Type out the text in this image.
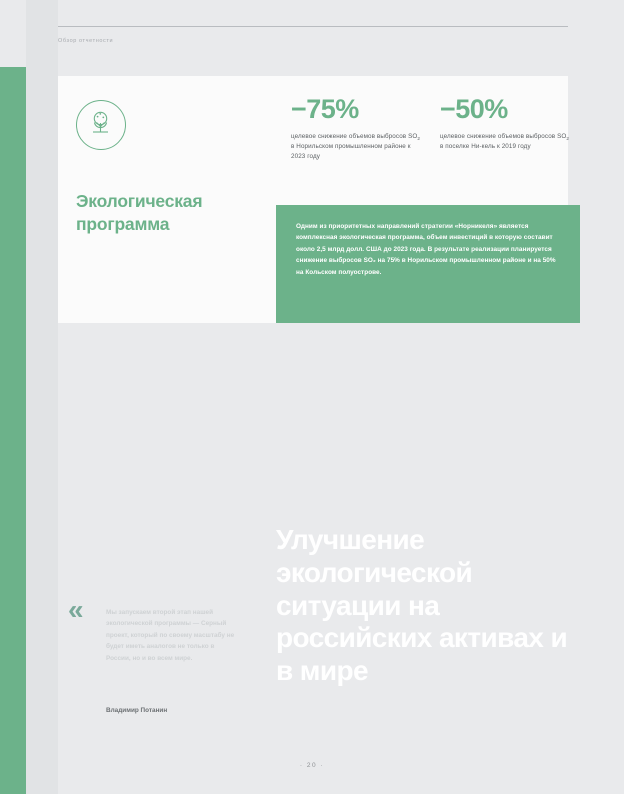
Обзор отчетности
−75%
целевое снижение объемов выбросов $SO_2$ в Норильском промышленном районе к 2023 году
−50%
целевое снижение объемов выбросов $SO_2$ в поселке Ни-кель к 2019 году
Экологическая программа	Одним из приоритетных направлений стратегии «Норникеля» является комплексная экологическая программа, объем инвестиций в которую составит около 2,5 млрд долл. США до 2023 года. В результате реализации планируется снижение выбросов SO₂ на 75% в Норильском промышленном районе и на 50% на Кольском полуострове.

Улучшение экологической ситуации на российских активах и в мире
«	Мы запускаем второй этап нашей экологической программы — Серный проект, который по своему масштабу не будет иметь аналогов не только в России, но и во всем мире.
Владимир Потанин
· 20 ·
